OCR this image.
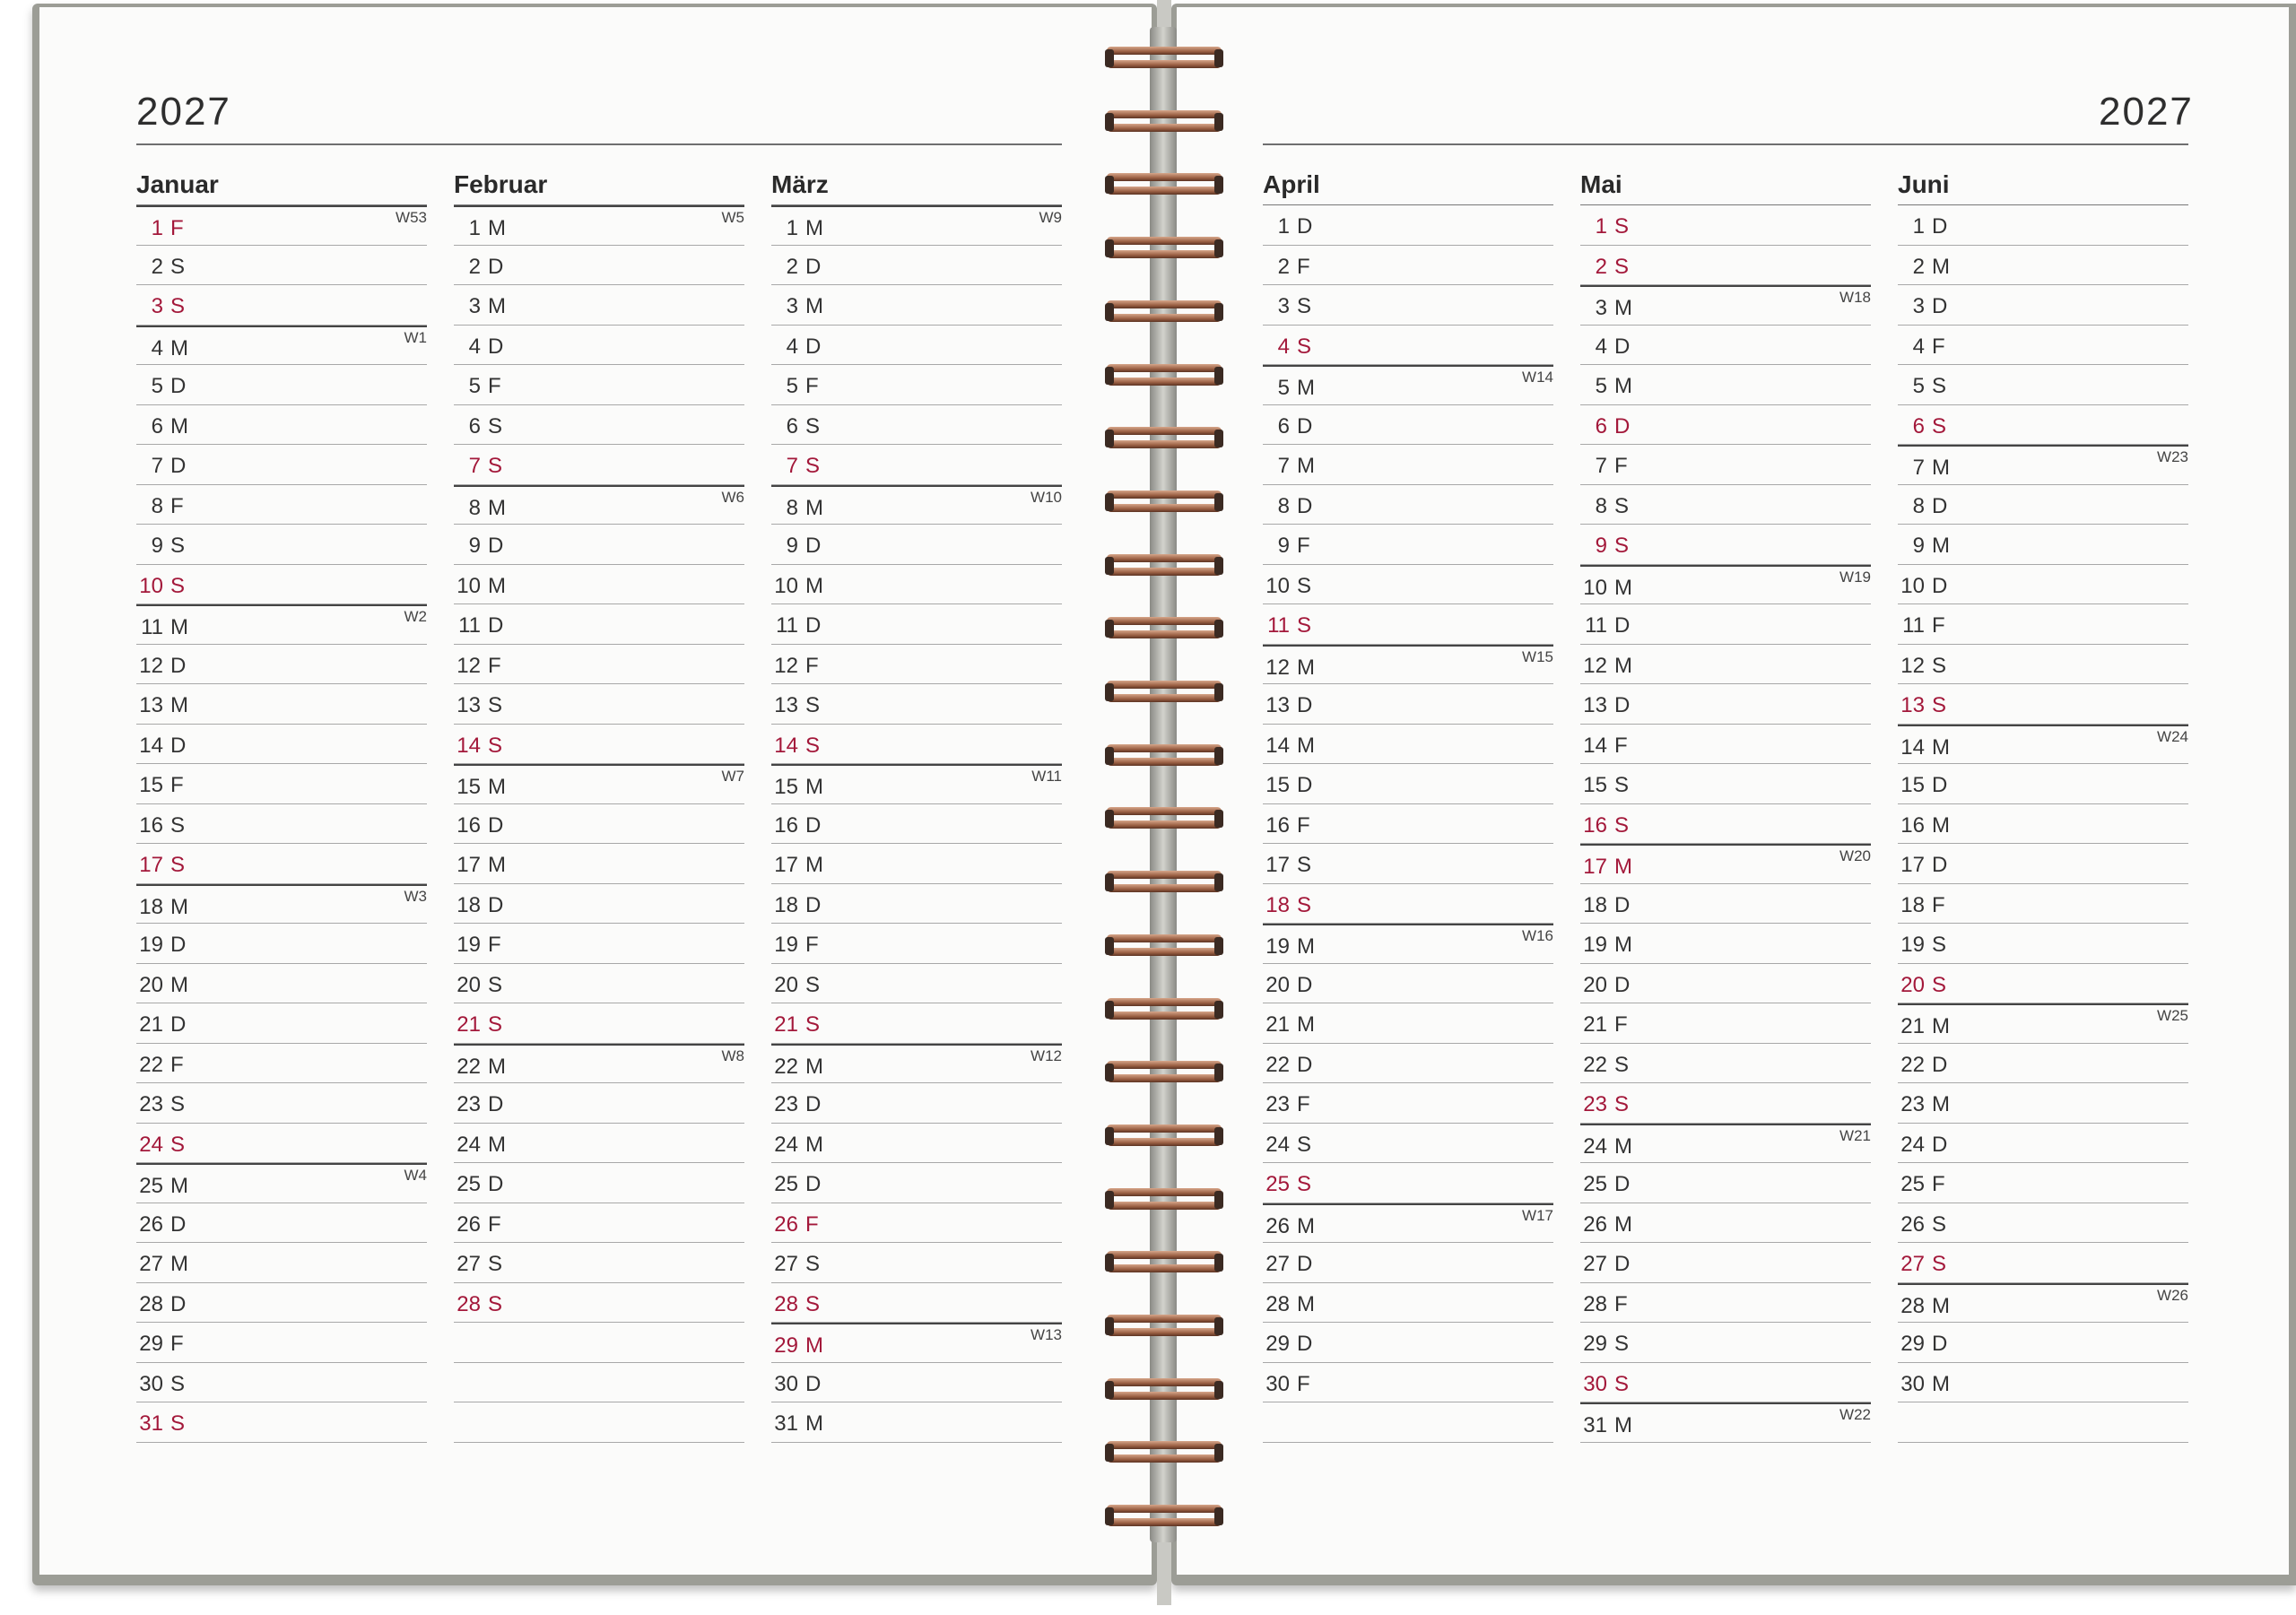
2027	2027
Januar
1 F	W53
2 S
3 S
4 M	W1
5 D
6 M
7 D
8 F
9 S
10 S
11 M	W2
12 D
13 M
14 D
15 F
16 S
17 S
18 M	W3
19 D
20 M
21 D
22 F
23 S
24 S
25 M	W4
26 D
27 M
28 D
29 F
30 S
31 S
Februar
1 M	W5
2 D
3 M
4 D
5 F
6 S
7 S
8 M	W6
9 D
10 M
11 D
12 F
13 S
14 S
15 M	W7
16 D
17 M
18 D
19 F
20 S
21 S
22 M	W8
23 D
24 M
25 D
26 F
27 S
28 S
März
1 M	W9
2 D
3 M
4 D
5 F
6 S
7 S
8 M	W10
9 D
10 M
11 D
12 F
13 S
14 S
15 M	W11
16 D
17 M
18 D
19 F
20 S
21 S
22 M	W12
23 D
24 M
25 D
26 F
27 S
28 S
29 M	W13
30 D
31 M
April
1 D
2 F
3 S
4 S
5 M	W14
6 D
7 M
8 D
9 F
10 S
11 S
12 M	W15
13 D
14 M
15 D
16 F
17 S
18 S
19 M	W16
20 D
21 M
22 D
23 F
24 S
25 S
26 M	W17
27 D
28 M
29 D
30 F
Mai
1 S
2 S
3 M	W18
4 D
5 M
6 D
7 F
8 S
9 S
10 M	W19
11 D
12 M
13 D
14 F
15 S
16 S
17 M	W20
18 D
19 M
20 D
21 F
22 S
23 S
24 M	W21
25 D
26 M
27 D
28 F
29 S
30 S
31 M	W22
Juni
1 D
2 M
3 D
4 F
5 S
6 S
7 M	W23
8 D
9 M
10 D
11 F
12 S
13 S
14 M	W24
15 D
16 M
17 D
18 F
19 S
20 S
21 M	W25
22 D
23 M
24 D
25 F
26 S
27 S
28 M	W26
29 D
30 M
